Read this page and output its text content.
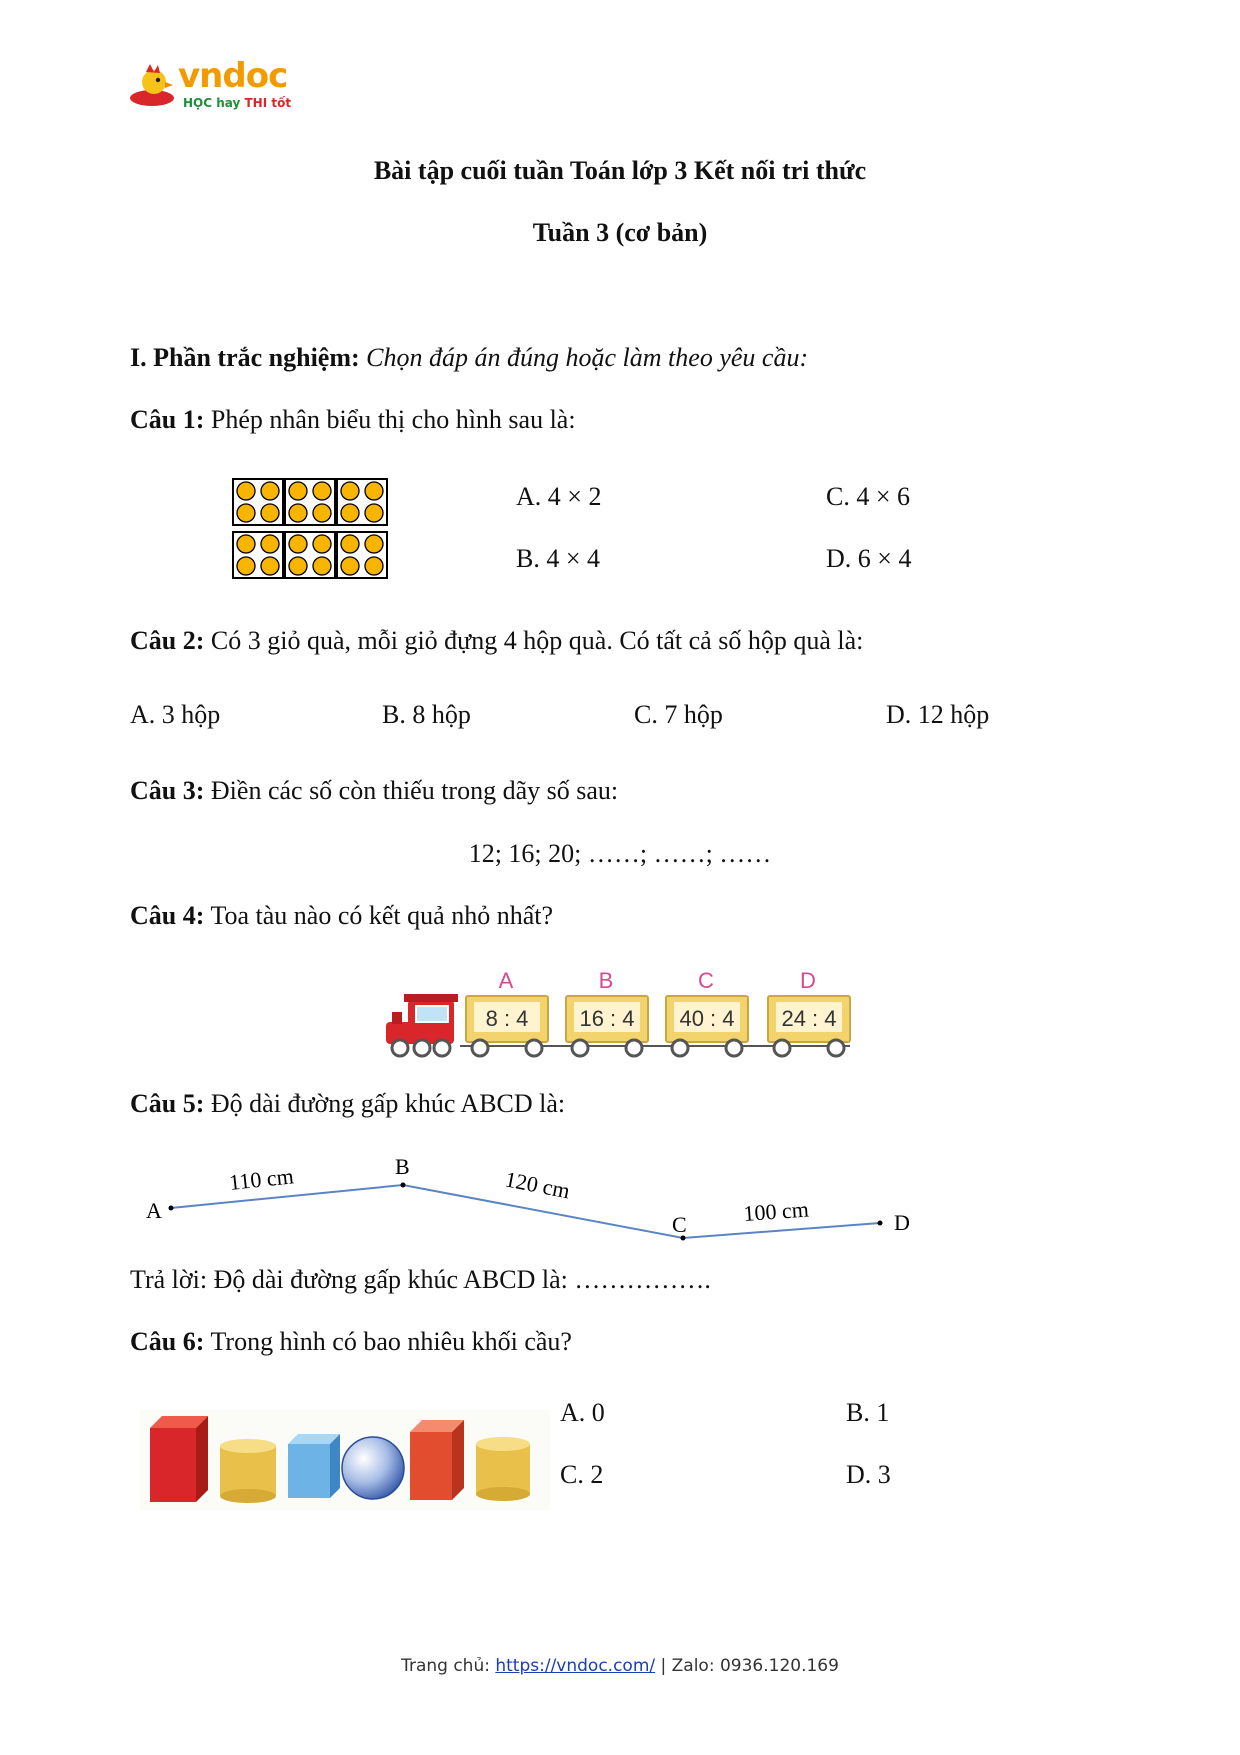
vndoc
HỌC hay THI tốt
Bài tập cuối tuần Toán lớp 3 Kết nối tri thức
Tuần 3 (cơ bản)
I. Phần trắc nghiệm: Chọn đáp án đúng hoặc làm theo yêu cầu:
Câu 1: Phép nhân biểu thị cho hình sau là:
A. 4 × 2	C. 4 × 6
B. 4 × 4	D. 6 × 4
Câu 2: Có 3 giỏ quà, mỗi giỏ đựng 4 hộp quà. Có tất cả số hộp quà là:
A. 3 hộp	B. 8 hộp	C. 7 hộp	D. 12 hộp
Câu 3: Điền các số còn thiếu trong dãy số sau:
12; 16; 20; ……; ……; ……
Câu 4: Toa tàu nào có kết quả nhỏ nhất?
A
8 : 4
B
16 : 4
C
40 : 4
D
24 : 4
Câu 5: Độ dài đường gấp khúc ABCD là:
A
B
C	D
110 cm	120 cm
100 cm
Trả lời: Độ dài đường gấp khúc ABCD là: …………….
Câu 6: Trong hình có bao nhiêu khối cầu?
A. 0	B. 1
C. 2	D. 3
Trang chủ: https://vndoc.com/ | Zalo: 0936.120.169
